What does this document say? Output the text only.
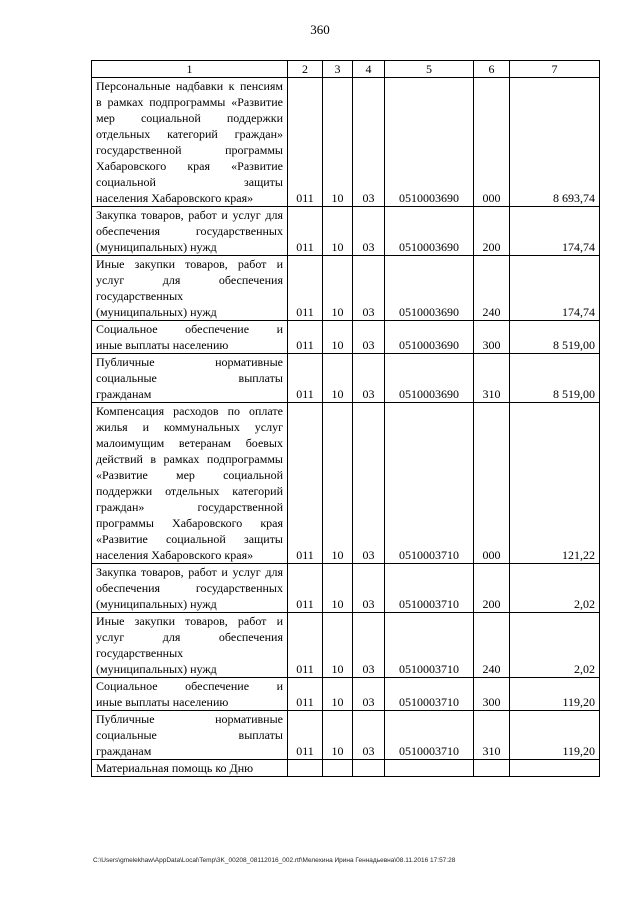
360
1	2	3	4	5	6	7
Персональные надбавки к пенсиям в рамках подпрограммы «Развитие мер социальной поддержки отдельных категорий граждан» государственной программы Хабаровского края «Развитие социальной защиты
населения Хабаровского края»	011	10	03	0510003690	000	8 693,74
Закупка товаров, работ и услуг для обеспечения государственных
(муниципальных) нужд	011	10	03	0510003690	200	174,74
Иные закупки товаров, работ и услуг для обеспечения государственных
(муниципальных) нужд	011	10	03	0510003690	240	174,74
Социальное обеспечение и
иные выплаты населению	011	10	03	0510003690	300	8 519,00
Публичные нормативные социальные выплаты
гражданам	011	10	03	0510003690	310	8 519,00
Компенсация расходов по оплате жилья и коммунальных услуг малоимущим ветеранам боевых действий в рамках подпрограммы «Развитие мер социальной поддержки отдельных категорий граждан» государственной программы Хабаровского края «Развитие социальной защиты
населения Хабаровского края»	011	10	03	0510003710	000	121,22
Закупка товаров, работ и услуг для обеспечения государственных
(муниципальных) нужд	011	10	03	0510003710	200	2,02
Иные закупки товаров, работ и услуг для обеспечения государственных
(муниципальных) нужд	011	10	03	0510003710	240	2,02
Социальное обеспечение и
иные выплаты населению	011	10	03	0510003710	300	119,20
Публичные нормативные социальные выплаты
гражданам	011	10	03	0510003710	310	119,20

Материальная помощь ко Дню						

C:\Users\gmelekhaw\AppData\Local\Temp\3K_00208_08112016_002.rtf\Мелехина Ирина Геннадьевна\08.11.2016 17:57:28
